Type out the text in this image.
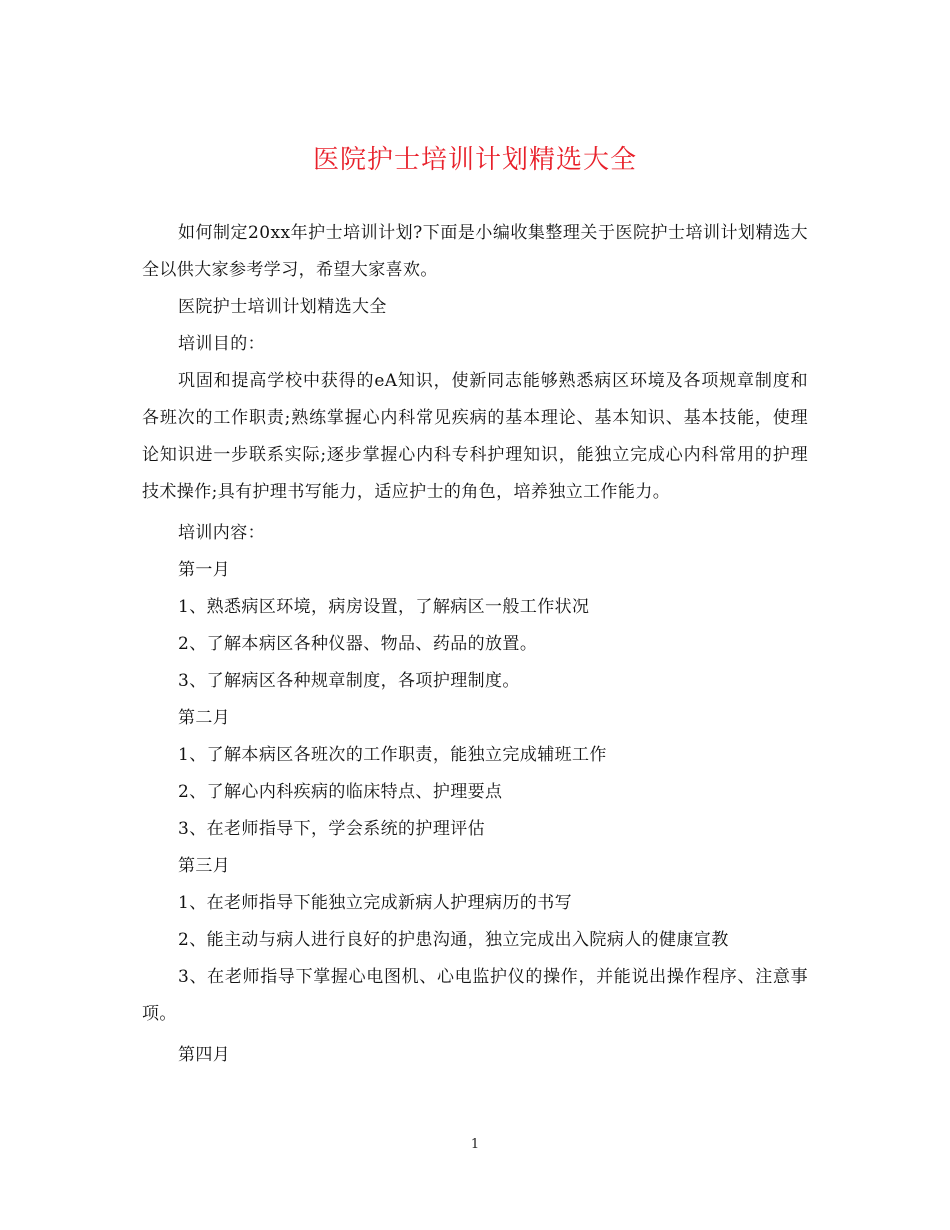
医院护士培训计划精选大全

如何制定20xx年护士培训计划?下面是小编收集整理关于医院护士培训计划精选大全以供大家参考学习，希望大家喜欢。

医院护士培训计划精选大全

培训目的：

巩固和提高学校中获得的eA知识，使新同志能够熟悉病区环境及各项规章制度和各班次的工作职责;熟练掌握心内科常见疾病的基本理论、基本知识、基本技能，使理论知识进一步联系实际;逐步掌握心内科专科护理知识，能独立完成心内科常用的护理技术操作;具有护理书写能力，适应护士的角色，培养独立工作能力。

培训内容：

第一月

1、熟悉病区环境，病房设置，了解病区一般工作状况

2、了解本病区各种仪器、物品、药品的放置。

3、了解病区各种规章制度，各项护理制度。

第二月

1、了解本病区各班次的工作职责，能独立完成辅班工作

2、了解心内科疾病的临床特点、护理要点

3、在老师指导下，学会系统的护理评估

第三月

1、在老师指导下能独立完成新病人护理病历的书写

2、能主动与病人进行良好的护患沟通，独立完成出入院病人的健康宣教

3、在老师指导下掌握心电图机、心电监护仪的操作，并能说出操作程序、注意事项。

第四月

1
